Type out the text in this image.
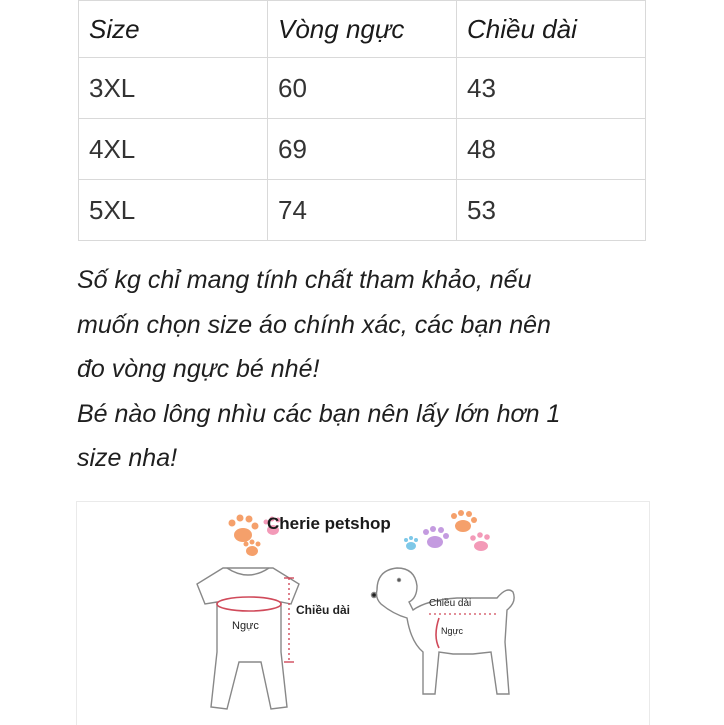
Size	Vòng ngực	Chiều dài
3XL	60	43
4XL	69	48
5XL	74	53

Số kg chỉ mang tính chất tham khảo, nếu

muốn chọn size áo chính xác, các bạn nên

đo vòng ngực bé nhé!

Bé nào lông nhìu các bạn nên lấy lớn hơn 1

size nha!

Cherie petshop
Ngực
Chiều dài	Chiều dài
Ngực
